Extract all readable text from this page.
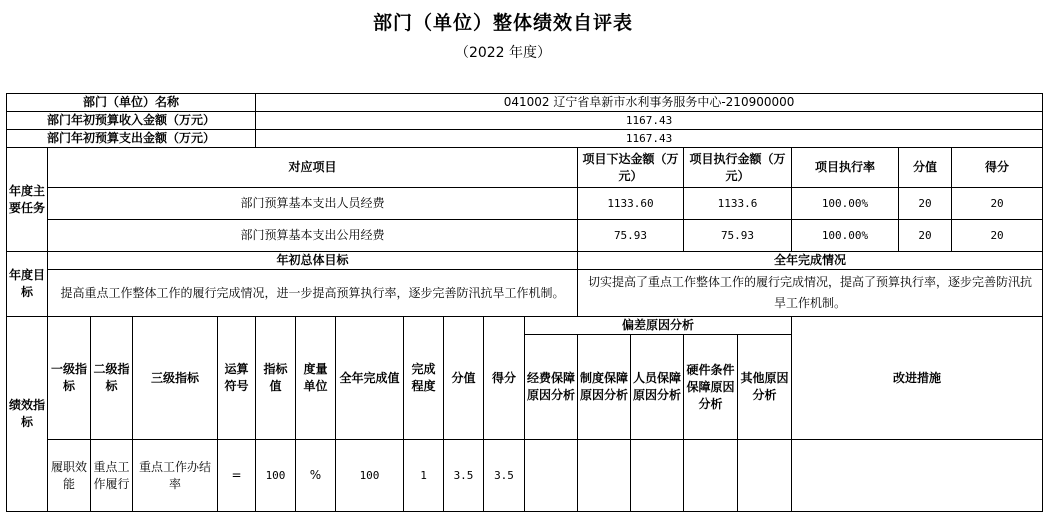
部门（单位）整体绩效自评表
（2022 年度）
部门（单位）名称					041002 辽宁省阜新市水利事务服务中心-210900000													
部门年初预算收入金额（万元）					1167.43													
部门年初预算支出金额（万元）					1167.43													
年度主要任务	对应项目											项目下达金额（万元）		项目执行金额（万元）		项目执行率	分值	得分
	部门预算基本支出人员经费											1133.60		1133.6		100.00%	20	20
	部门预算基本支出公用经费											75.93		75.93		100.00%	20	20
年度目标	年初总体目标											全年完成情况						
	提高重点工作整体工作的履行完成情况，进一步提高预算执行率，逐步完善防汛抗旱工作机制。											切实提高了重点工作整体工作的履行完成情况，提高了预算执行率，逐步完善防汛抗旱工作机制。						
绩效指标	一级指标	二级指标	三级指标	运算符号	指标值	度量单位	全年完成值	完成程度	分值	得分	偏差原因分析					改进措施		
											经费保障原因分析	制度保障原因分析	人员保障原因分析	硬件条件保障原因分析	其他原因分析			
	履职效能	重点工作履行	重点工作办结率	=	100	%	100	1	3.5	3.5								
